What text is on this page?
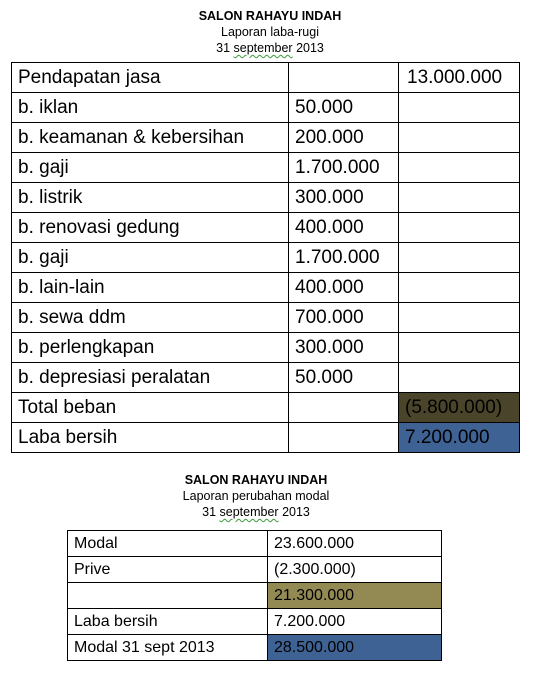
SALON RAHAYU INDAH
Laporan laba-rugi
31 september 2013
Pendapatan jasa		13.000.000
b. iklan	50.000	
b. keamanan & kebersihan	200.000	
b. gaji	1.700.000	
b. listrik	300.000	
b. renovasi gedung	400.000	
b. gaji	1.700.000	
b. lain-lain	400.000	
b. sewa ddm	700.000	
b. perlengkapan	300.000	
b. depresiasi peralatan	50.000	
Total beban		(5.800.000)
Laba bersih		7.200.000
SALON RAHAYU INDAH
Laporan perubahan modal
31 september 2013
Modal	23.600.000
Prive	(2.300.000)
	21.300.000
Laba bersih	7.200.000
Modal 31 sept 2013	28.500.000
